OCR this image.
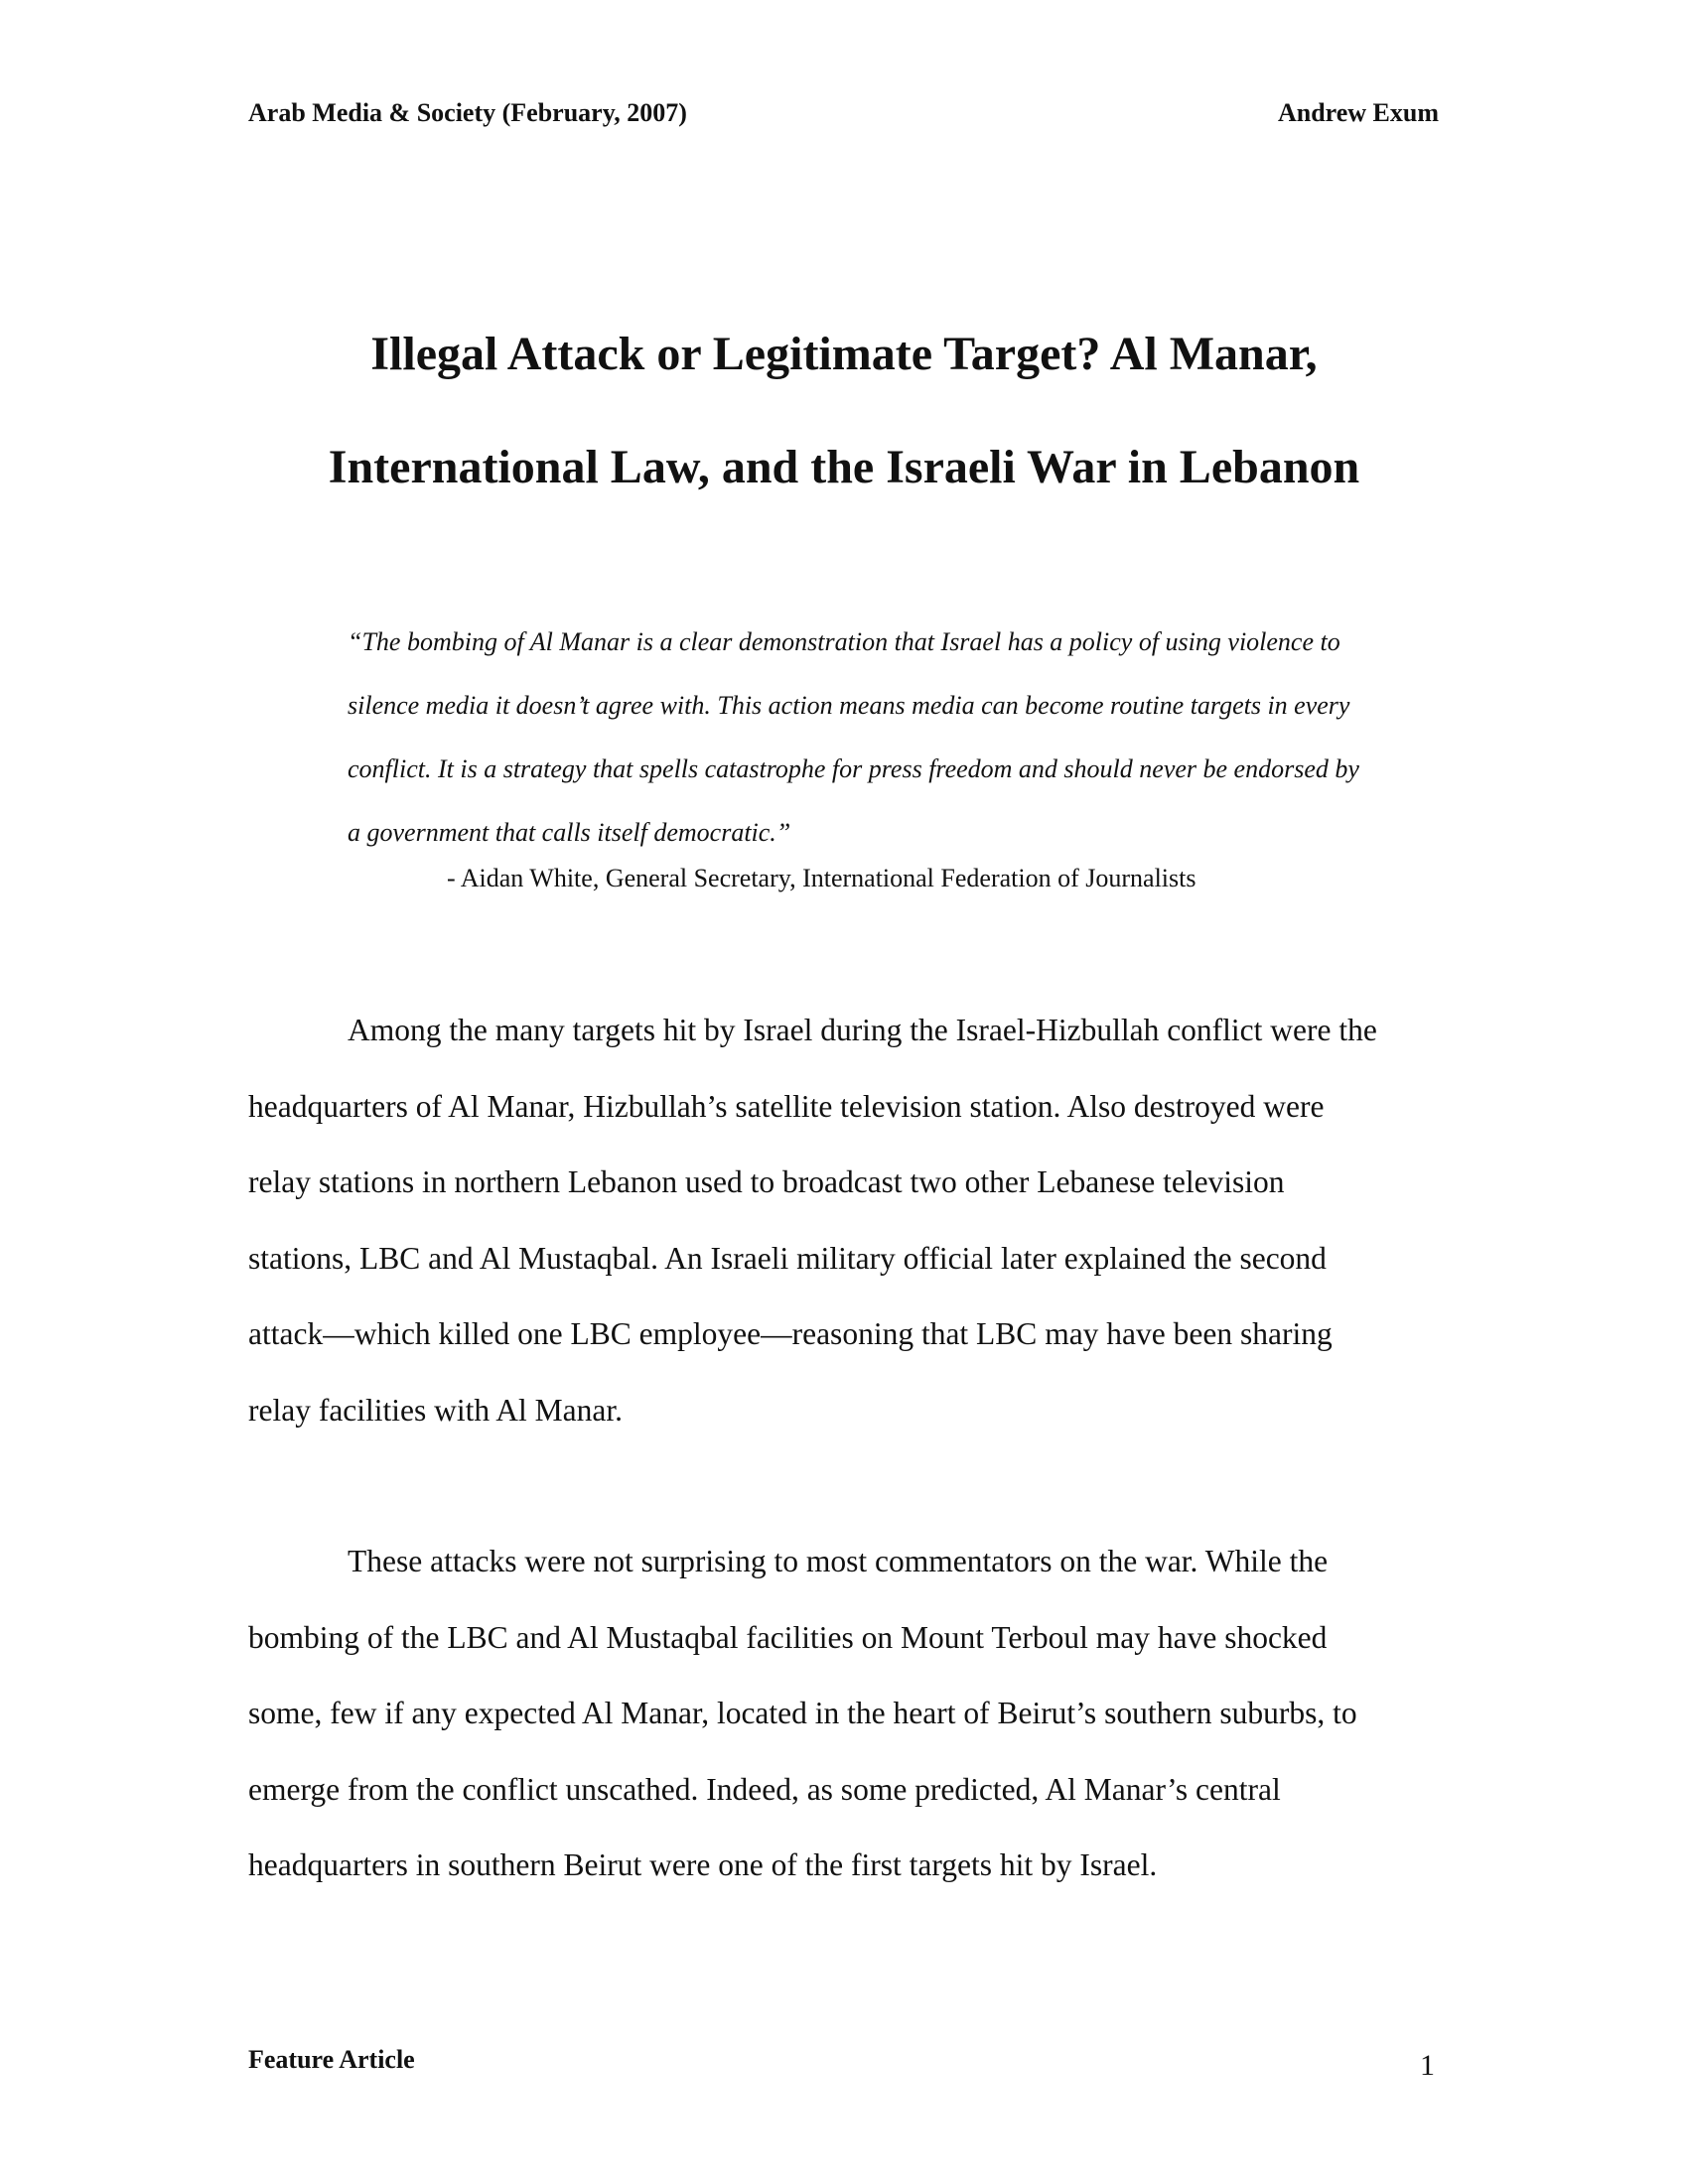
Arab Media & Society (February, 2007)	Andrew Exum
Illegal Attack or Legitimate Target? Al Manar,
International Law, and the Israeli War in Lebanon
“The bombing of Al Manar is a clear demonstration that Israel has a policy of using violence to
silence media it doesn’t agree with. This action means media can become routine targets in every
conflict. It is a strategy that spells catastrophe for press freedom and should never be endorsed by
a government that calls itself democratic.”
- Aidan White, General Secretary, International Federation of Journalists
Among the many targets hit by Israel during the Israel-Hizbullah conflict were the
headquarters of Al Manar, Hizbullah’s satellite television station. Also destroyed were
relay stations in northern Lebanon used to broadcast two other Lebanese television
stations, LBC and Al Mustaqbal. An Israeli military official later explained the second
attack—which killed one LBC employee—reasoning that LBC may have been sharing
relay facilities with Al Manar.
These attacks were not surprising to most commentators on the war. While the
bombing of the LBC and Al Mustaqbal facilities on Mount Terboul may have shocked
some, few if any expected Al Manar, located in the heart of Beirut’s southern suburbs, to
emerge from the conflict unscathed. Indeed, as some predicted, Al Manar’s central
headquarters in southern Beirut were one of the first targets hit by Israel.
Feature Article	1
